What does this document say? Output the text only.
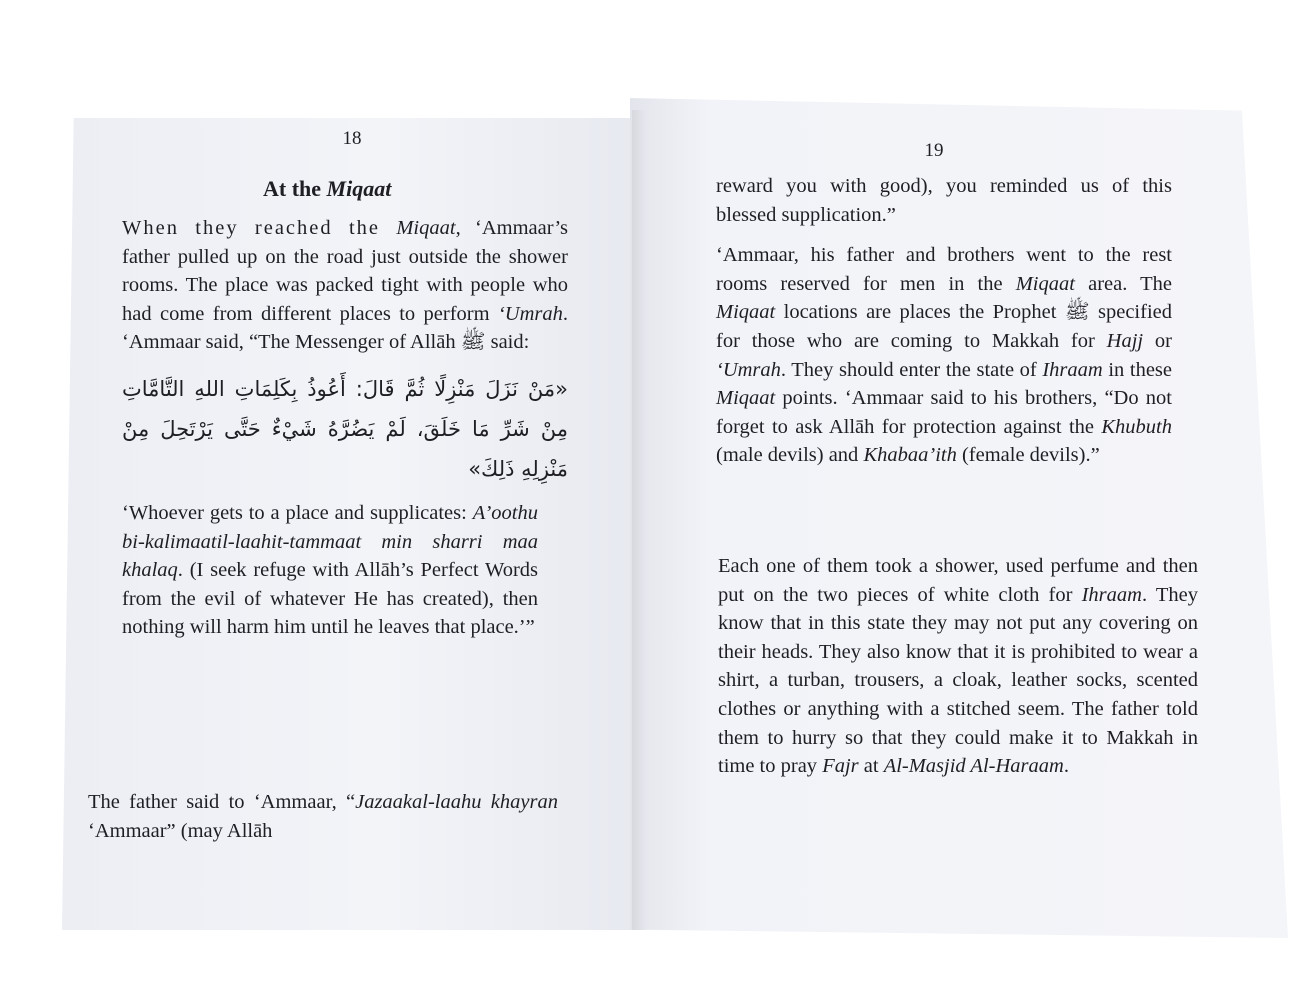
18
At the Miqaat

When they reached the Miqaat, ‘Ammaar’s father pulled up on the road just outside the shower rooms. The place was packed tight with people who had come from different places to perform ‘Umrah. ‘Ammaar said, “The Messenger of Allāh ﷺ said:

«مَنْ نَزَلَ مَنْزِلًا ثُمَّ قَالَ: أَعُوذُ بِكَلِمَاتِ اللهِ التَّامَّاتِ مِنْ شَرِّ مَا خَلَقَ، لَمْ يَضُرَّهُ شَيْءٌ حَتَّى يَرْتَحِلَ مِنْ مَنْزِلِهِ ذَلِكَ»

‘Whoever gets to a place and supplicates: A’oothu bi-kalimaatil-laahit-tammaat min sharri maa khalaq. (I seek refuge with Allāh’s Perfect Words from the evil of whatever He has created), then nothing will harm him until he leaves that place.’”

The father said to ‘Ammaar, “Jazaakal-laahu khayran ‘Ammaar” (may Allāh

19

reward you with good), you reminded us of this blessed supplication.”

‘Ammaar, his father and brothers went to the rest rooms reserved for men in the Miqaat area. The Miqaat locations are places the Prophet ﷺ specified for those who are coming to Makkah for Hajj or ‘Umrah. They should enter the state of Ihraam in these Miqaat points. ‘Ammaar said to his brothers, “Do not forget to ask Allāh for protection against the Khubuth (male devils) and Khabaa’ith (female devils).”

Each one of them took a shower, used perfume and then put on the two pieces of white cloth for Ihraam. They know that in this state they may not put any covering on their heads. They also know that it is prohibited to wear a shirt, a turban, trousers, a cloak, leather socks, scented clothes or anything with a stitched seem. The father told them to hurry so that they could make it to Makkah in time to pray Fajr at Al-Masjid Al-Haraam.
